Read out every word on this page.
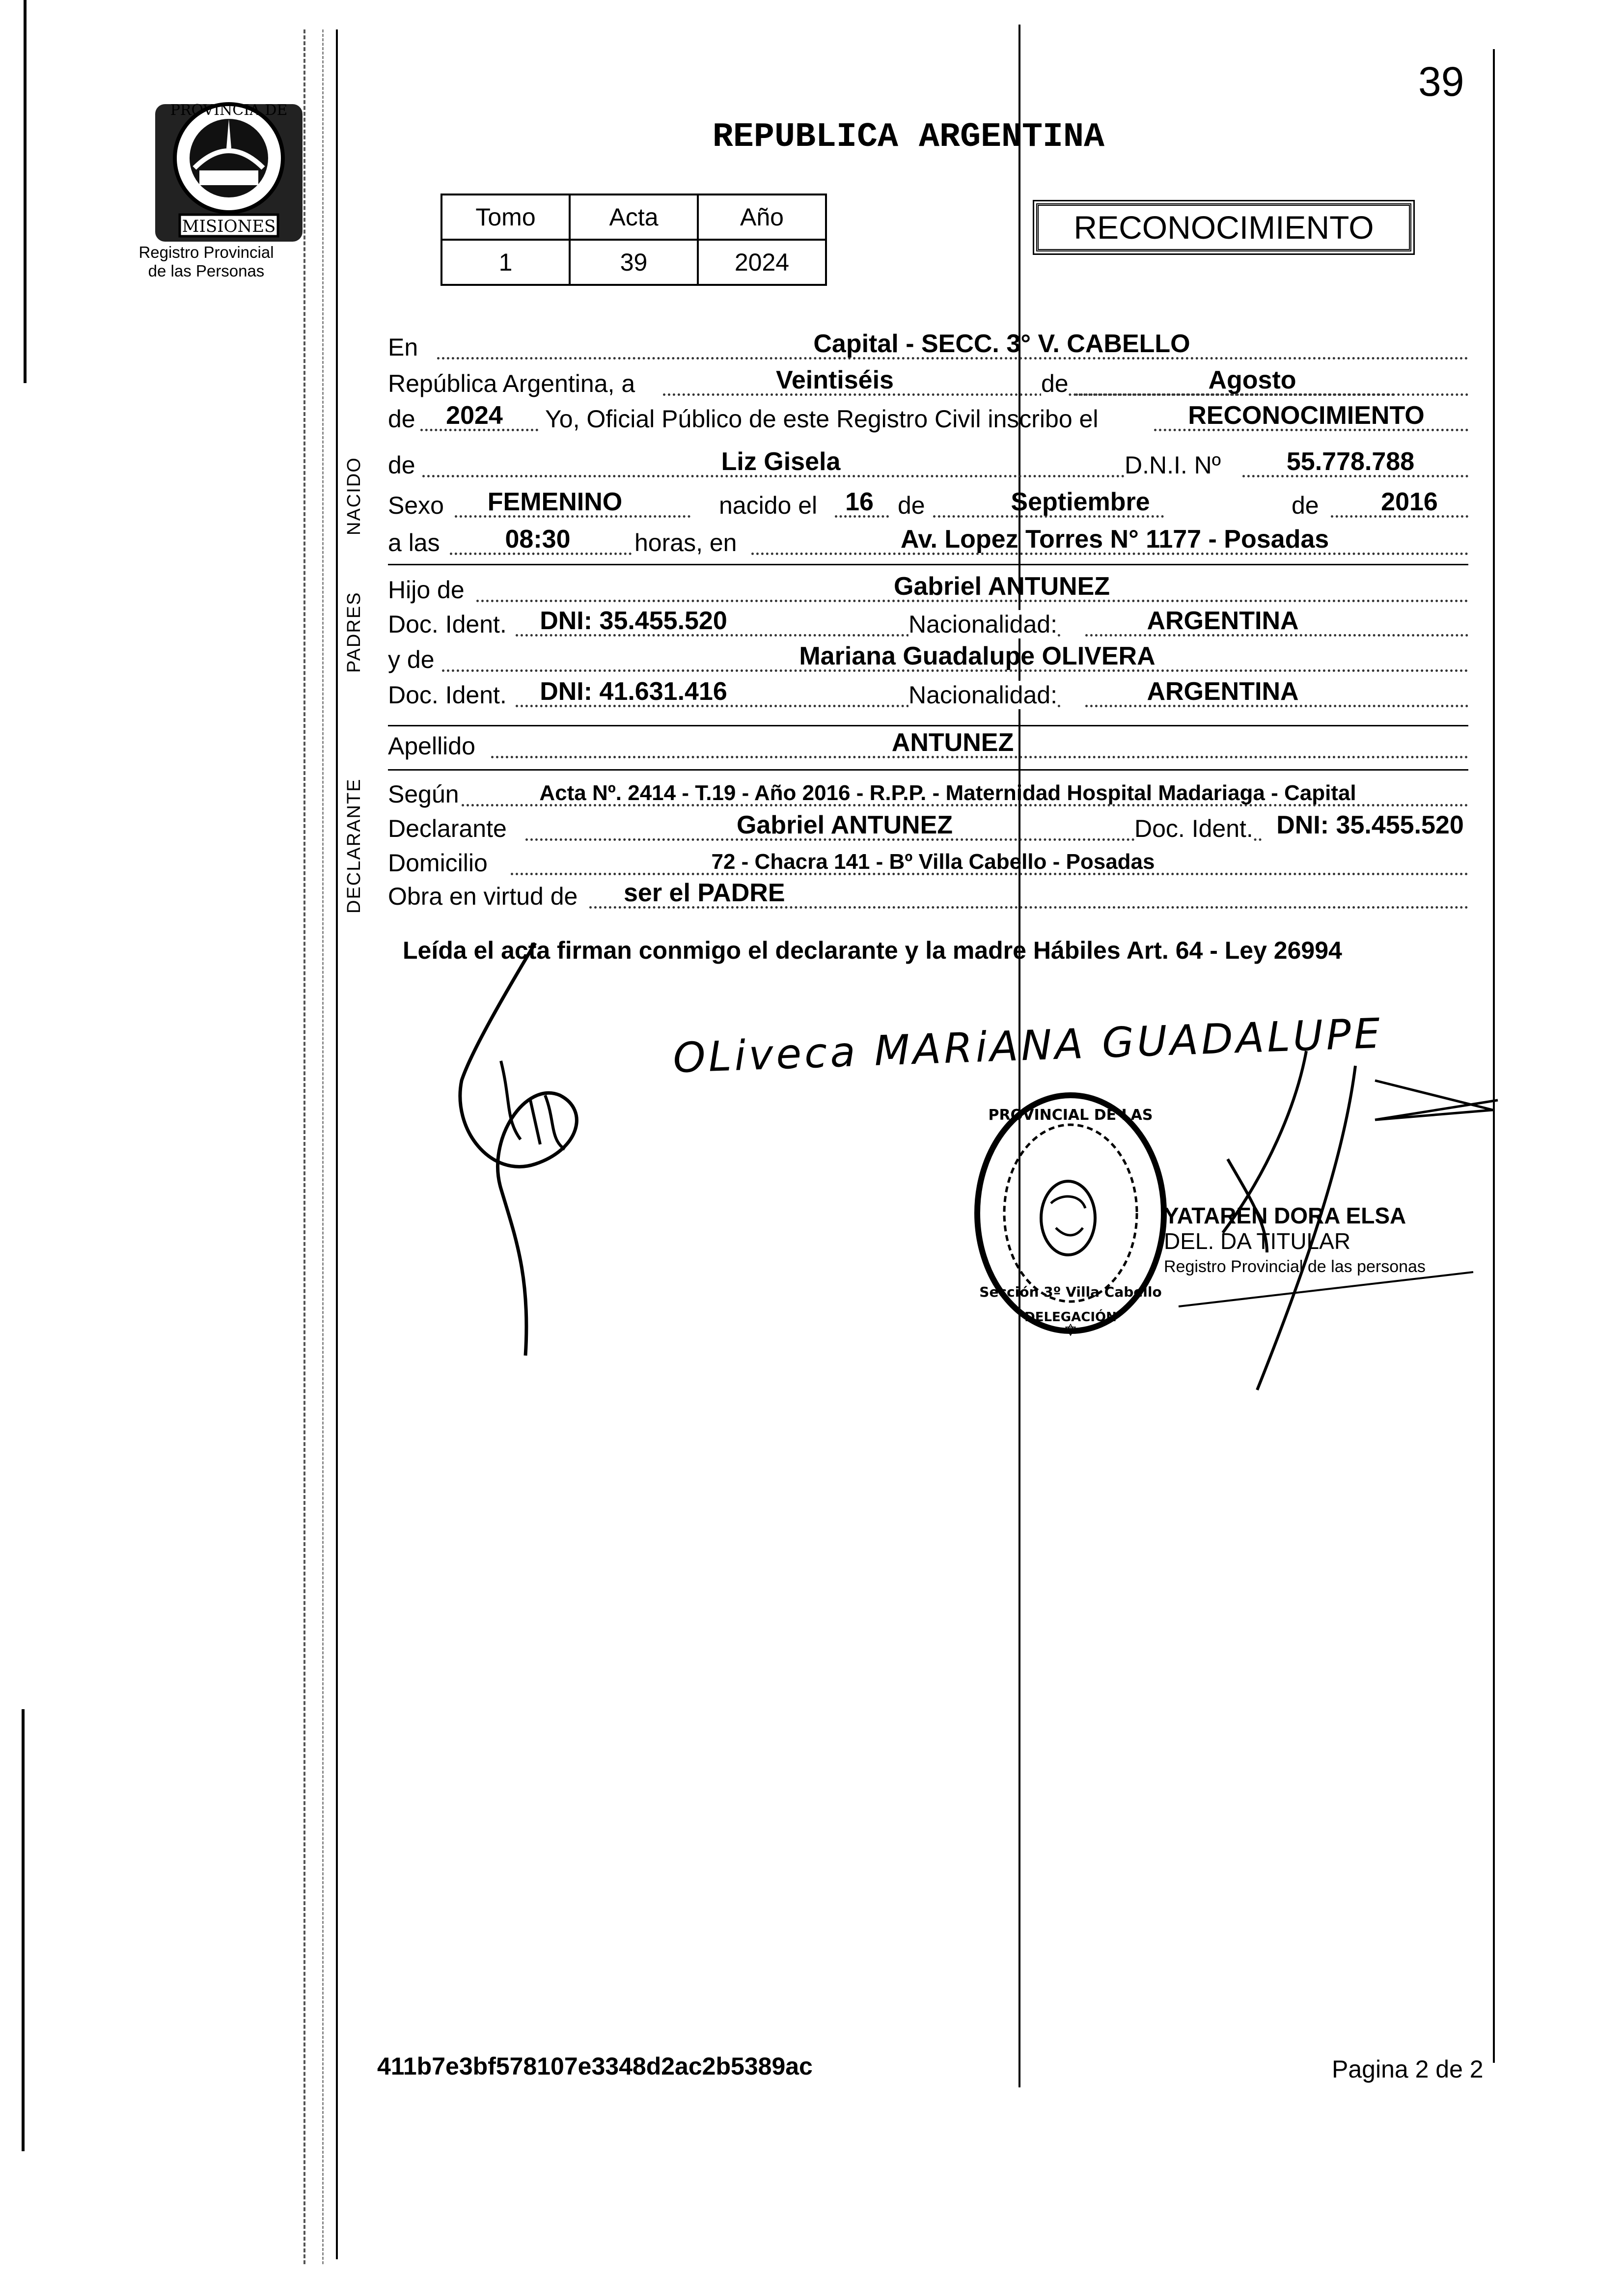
PROVINCIA DE
MISIONES
Registro Provincial
de las Personas
39
REPUBLICA ARGENTINA
Tomo	Acta	Año
1	39	2024
RECONOCIMIENTO
NACIDO
PADRES
DECLARANTE
En	Capital - SECC. 3° V. CABELLO
República Argentina, a	Veintiséis	de	Agosto
de	2024	Yo, Oficial Público de este Registro Civil inscribo el	RECONOCIMIENTO
de	Liz Gisela	D.N.I. Nº	55.778.788
Sexo	FEMENINO	nacido el	16 de	Septiembre	de	2016
a las	08:30	horas, en	Av. Lopez Torres N° 1177 - Posadas
Hijo de	Gabriel ANTUNEZ
Doc. Ident.	DNI: 35.455.520	Nacionalidad:	ARGENTINA
y de	Mariana Guadalupe OLIVERA
Doc. Ident.	DNI: 41.631.416	Nacionalidad:	ARGENTINA
Apellido	ANTUNEZ
Según	Acta Nº. 2414 - T.19 - Año 2016 - R.P.P. - Maternidad Hospital Madariaga - Capital
Declarante	Gabriel ANTUNEZ	Doc. Ident. DNI: 35.455.520
Domicilio	72 - Chacra 141 - Bº Villa Cabello - Posadas
Obra en virtud de ser el PADRE
Leída el acta firman conmigo el declarante y la madre Hábiles Art. 64 - Ley 26994
OLiveca MARiANA GUADALUPE
PROVINCIAL DE LAS
Sección 3º Villa Cabello
DELEGACIÓN
✡
YATAREN DORA ELSA
DEL. DA TITULAR
Registro Provincial de las personas
411b7e3bf578107e3348d2ac2b5389ac	Pagina 2 de 2
